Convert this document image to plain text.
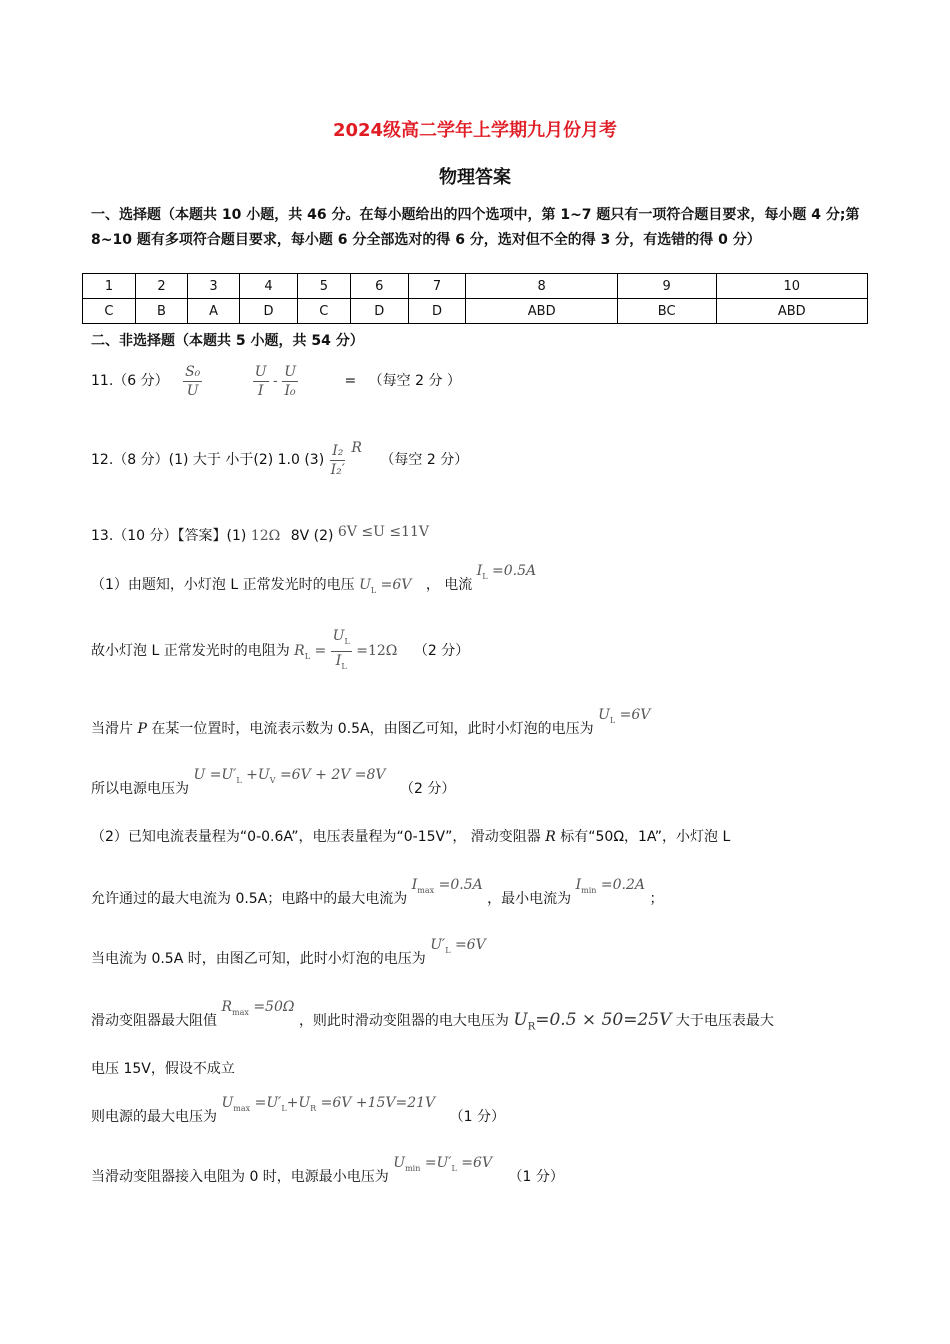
2024级高二学年上学期九月份月考
物理答案
一、选择题（本题共 10 小题，共 46 分。在每小题给出的四个选项中，第 1~7 题只有一项符合题目要求，每小题 4 分;第 8~10 题有多项符合题目要求，每小题 6 分全部选对的得 6 分，选对但不全的得 3 分，有选错的得 0 分）
1	2	3	4	5	6	7	8	9	10
C	B	A	D	C	D	D	ABD	BC	ABD
二、非选择题（本题共 5 小题，共 54 分）
11.（6 分） $\frac{\text{S₀}}{U}$
	$\frac{U}{I} - \frac{U}{\text{I₀}}$	= （每空 2 分 ）
12.（8 分）(1) 大于 小于(2) 1.0 $(3) \frac{\text{I₂}}{\text{I₂′}}$ R （每空 2 分）
13.（10 分）【答案】(1) 12Ω 8V (2) 6V ≤U ≤11V
（1）由题知，小灯泡 L 正常发光时的电压 $U_L =6V$ ， 电流 $I_L =0.5A$
故小灯泡 L 正常发光时的电阻为 $R_L = \frac{U_L}{I_L} =12\Omega$ （2 分）
当滑片 P 在某一位置时，电流表示数为 0.5A，由图乙可知，此时小灯泡的电压为 $U_L =6V$
所以电源电压为 $U =U'_L +U_V =6V + 2V =8V$ （2 分）
（2）已知电流表量程为“0-0.6A”，电压表量程为“0-15V”， 滑动变阻器 R 标有“50Ω，1A”，小灯泡 L
允许通过的最大电流为 0.5A；电路中的最大电流为 $I_{max} =0.5A$ ，最小电流为 $I_{min} =0.2A$ ；
当电流为 0.5A 时，由图乙可知，此时小灯泡的电压为 $U'_L =6V$
滑动变阻器最大阻值 $R_{max} =50\Omega$ ，则此时滑动变阻器的电大电压为 $U_R=0.5 \times 50=25V$ 大于电压表最大
电压 15V，假设不成立
则电源的最大电压为 $U_{max} =U'_L+U_R =6V +15V=21V$ （1 分）
当滑动变阻器接入电阻为 0 时，电源最小电压为 $U_{min} =U'_L =6V$ （1 分）
